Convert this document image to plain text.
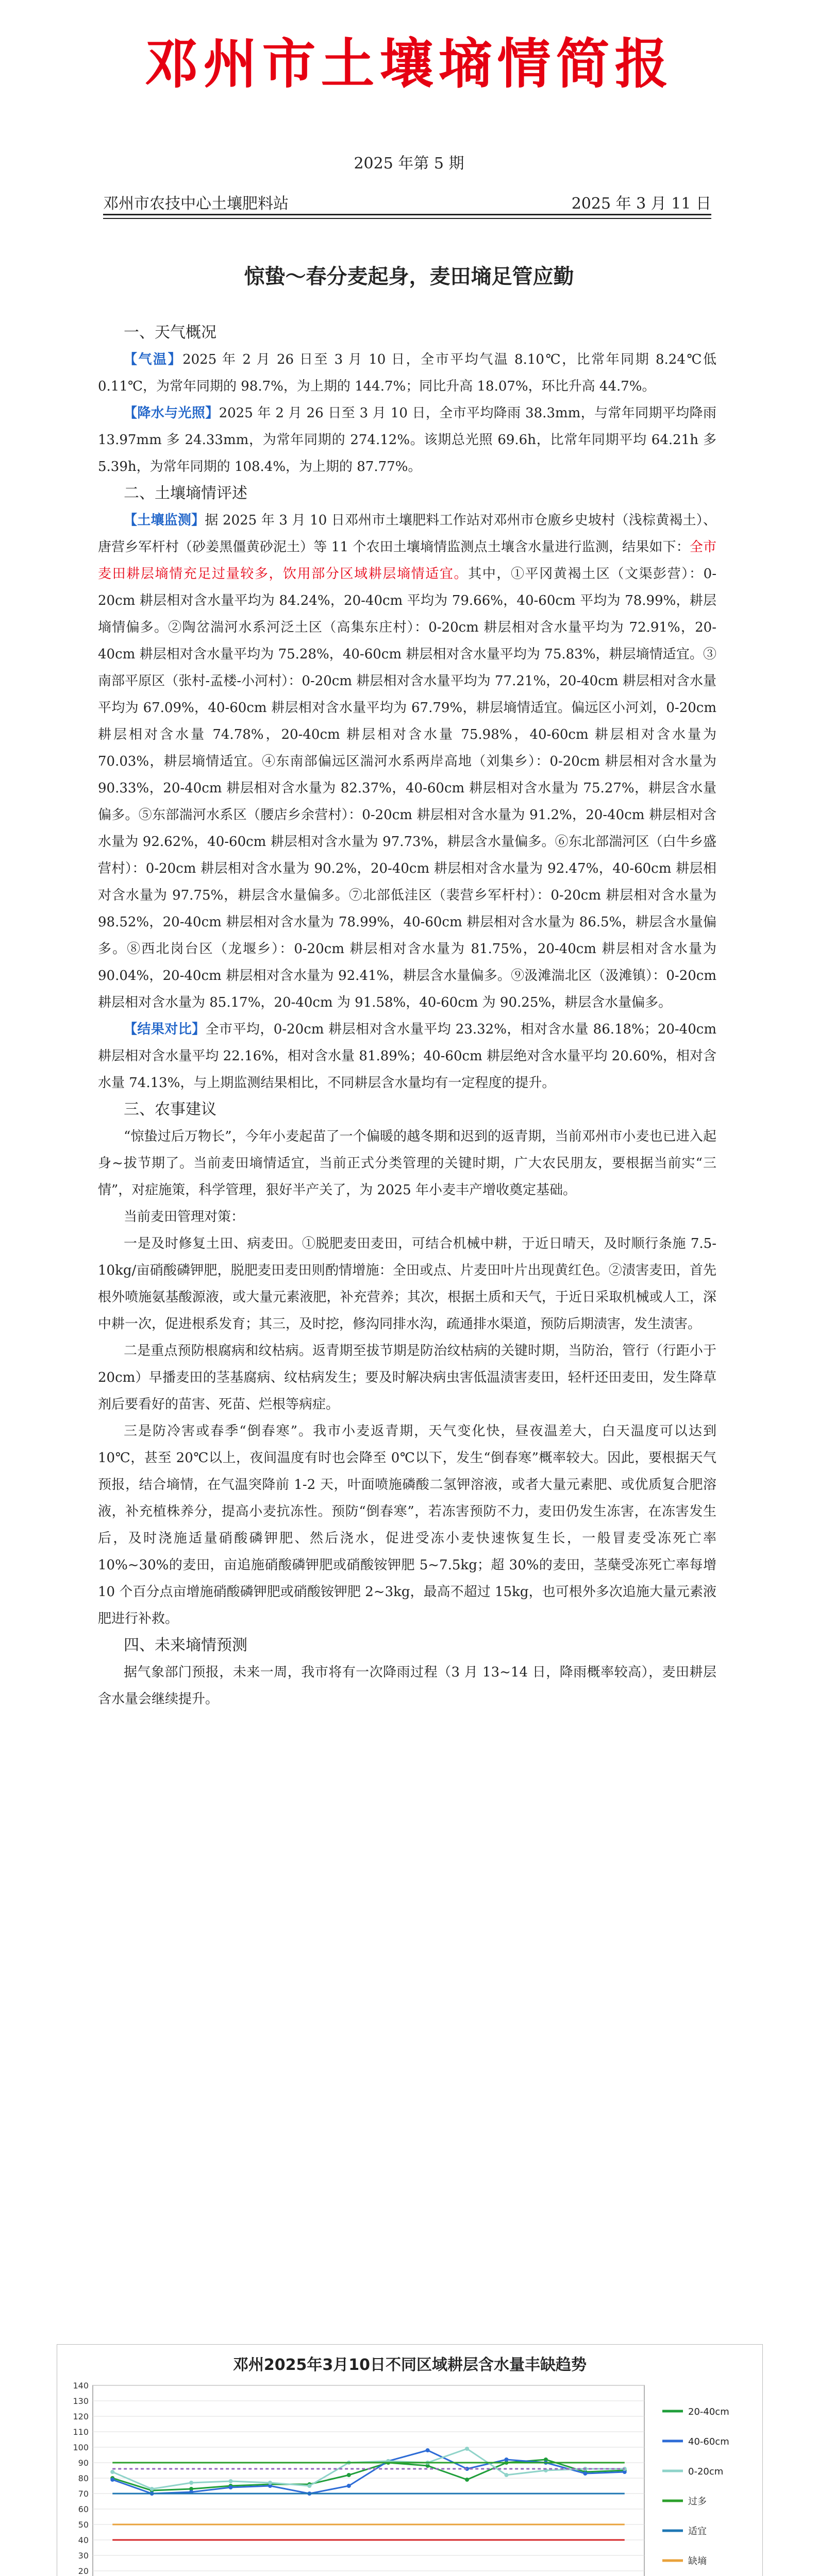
邓州市土壤墒情简报
2025 年第 5 期
邓州市农技中心土壤肥料站	2025 年 3 月 11 日
惊蛰～春分麦起身，麦田墒足管应勤
一、天气概况

【气温】2025 年 2 月 26 日至 3 月 10 日，全市平均气温 8.10℃，比常年同期 8.24℃低 0.11℃，为常年同期的 98.7%，为上期的 144.7%；同比升高 18.07%，环比升高 44.7%。

【降水与光照】2025 年 2 月 26 日至 3 月 10 日，全市平均降雨 38.3mm，与常年同期平均降雨 13.97mm 多 24.33mm，为常年同期的 274.12%。该期总光照 69.6h，比常年同期平均 64.21h 多 5.39h，为常年同期的 108.4%，为上期的 87.77%。

二、土壤墒情评述

【土壤监测】据 2025 年 3 月 10 日邓州市土壤肥料工作站对邓州市仓廒乡史坡村（浅棕黄褐土）、唐营乡军杆村（砂姜黑僵黄砂泥土）等 11 个农田土壤墒情监测点土壤含水量进行监测，结果如下：全市麦田耕层墒情充足过量较多，饮用部分区域耕层墒情适宜。其中，①平冈黄褐土区（文渠彭营）：0-20cm 耕层相对含水量平均为 84.24%，20-40cm 平均为 79.66%，40-60cm 平均为 78.99%，耕层墒情偏多。②陶岔湍河水系河泛土区（高集东庄村）：0-20cm 耕层相对含水量平均为 72.91%，20-40cm 耕层相对含水量平均为 75.28%，40-60cm 耕层相对含水量平均为 75.83%，耕层墒情适宜。③南部平原区（张村-孟楼-小河村）：0-20cm 耕层相对含水量平均为 77.21%，20-40cm 耕层相对含水量平均为 67.09%，40-60cm 耕层相对含水量平均为 67.79%，耕层墒情适宜。偏远区小河刘，0-20cm 耕层相对含水量 74.78%，20-40cm 耕层相对含水量 75.98%，40-60cm 耕层相对含水量为 70.03%，耕层墒情适宜。④东南部偏远区湍河水系两岸高地（刘集乡）：0-20cm 耕层相对含水量为 90.33%，20-40cm 耕层相对含水量为 82.37%，40-60cm 耕层相对含水量为 75.27%，耕层含水量偏多。⑤东部湍河水系区（腰店乡余营村）：0-20cm 耕层相对含水量为 91.2%，20-40cm 耕层相对含水量为 92.62%，40-60cm 耕层相对含水量为 97.73%，耕层含水量偏多。⑥东北部湍河区（白牛乡盛营村）：0-20cm 耕层相对含水量为 90.2%，20-40cm 耕层相对含水量为 92.47%，40-60cm 耕层相对含水量为 97.75%，耕层含水量偏多。⑦北部低洼区（裴营乡军杆村）：0-20cm 耕层相对含水量为 98.52%，20-40cm 耕层相对含水量为 78.99%，40-60cm 耕层相对含水量为 86.5%，耕层含水量偏多。⑧西北岗台区（龙堰乡）：0-20cm 耕层相对含水量为 81.75%，20-40cm 耕层相对含水量为 90.04%，20-40cm 耕层相对含水量为 92.41%，耕层含水量偏多。⑨汲滩湍北区（汲滩镇）：0-20cm 耕层相对含水量为 85.17%，20-40cm 为 91.58%，40-60cm 为 90.25%，耕层含水量偏多。

【结果对比】全市平均，0-20cm 耕层相对含水量平均 23.32%，相对含水量 86.18%；20-40cm 耕层相对含水量平均 22.16%，相对含水量 81.89%；40-60cm 耕层绝对含水量平均 20.60%，相对含水量 74.13%，与上期监测结果相比，不同耕层含水量均有一定程度的提升。

三、农事建议

“惊蛰过后万物长”，今年小麦起苗了一个偏暖的越冬期和迟到的返青期，当前邓州市小麦也已进入起身~拔节期了。当前麦田墒情适宜，当前正式分类管理的关键时期，广大农民朋友，要根据当前实“三情”，对症施策，科学管理，狠好半产关了，为 2025 年小麦丰产增收奠定基础。

当前麦田管理对策：

一是及时修复土田、病麦田。①脱肥麦田麦田，可结合机械中耕，于近日晴天，及时顺行条施 7.5-10kg/亩硝酸磷钾肥，脱肥麦田麦田则酌情增施：全田或点、片麦田叶片出现黄红色。②渍害麦田，首先根外喷施氨基酸源液，或大量元素液肥，补充营养；其次，根据土质和天气，于近日采取机械或人工，深中耕一次，促进根系发育；其三，及时挖，修沟同排水沟，疏通排水渠道，预防后期渍害，发生渍害。

二是重点预防根腐病和纹枯病。返青期至拔节期是防治纹枯病的关键时期，当防治，管行（行距小于 20cm）早播麦田的茎基腐病、纹枯病发生；要及时解决病虫害低温渍害麦田，轻杆还田麦田，发生降草剂后要看好的苗害、死苗、烂根等病症。

三是防冷害或春季“倒春寒”。我市小麦返青期，天气变化快，昼夜温差大，白天温度可以达到 10℃，甚至 20℃以上，夜间温度有时也会降至 0℃以下，发生“倒春寒”概率较大。因此，要根据天气预报，结合墒情，在气温突降前 1-2 天，叶面喷施磷酸二氢钾溶液，或者大量元素肥、或优质复合肥溶液，补充植株养分，提高小麦抗冻性。预防“倒春寒”，若冻害预防不力，麦田仍发生冻害，在冻害发生后，及时浇施适量硝酸磷钾肥、然后浇水，促进受冻小麦快速恢复生长，一般冒麦受冻死亡率 10%~30%的麦田，亩追施硝酸磷钾肥或硝酸铵钾肥 5~7.5kg；超 30%的麦田，茎蘖受冻死亡率每增 10 个百分点亩增施硝酸磷钾肥或硝酸铵钾肥 2~3kg，最高不超过 15kg，也可根外多次追施大量元素液肥进行补救。

四、未来墒情预测

据气象部门预报，未来一周，我市将有一次降雨过程（3 月 13~14 日，降雨概率较高），麦田耕层含水量会继续提升。

邓州2025年3月10日不同区域耕层含水量丰缺趋势
20
30
40
50
60
70
80
90
100
110
120
130
140
20-40cm
40-60cm
0-20cm
过多
适宜
缺墒
